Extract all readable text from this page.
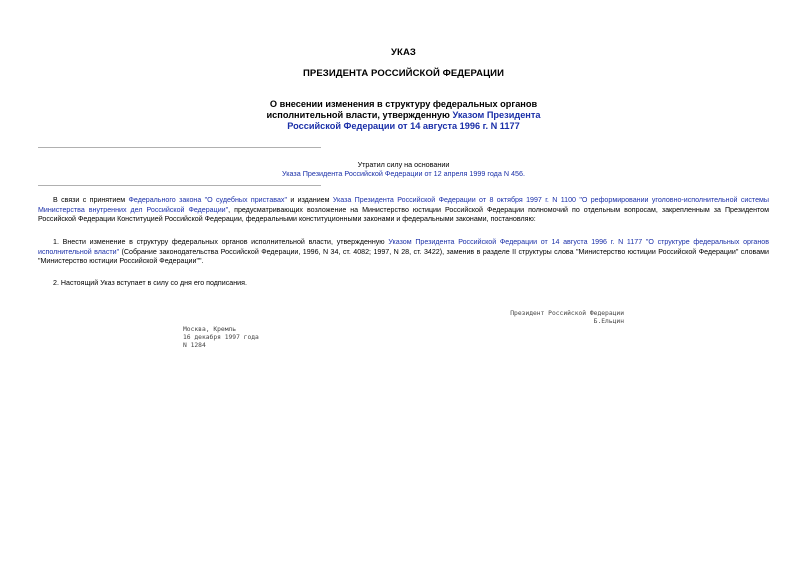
УКАЗ
ПРЕЗИДЕНТА РОССИЙСКОЙ ФЕДЕРАЦИИ
О внесении изменения в структуру федеральных органов
исполнительной власти, утвержденную Указом Президента
Российской Федерации от 14 августа 1996 г. N 1177
Утратил силу на основании
Указа Президента Российской Федерации от 12 апреля 1999 года N 456.
В связи с принятием Федерального закона "О судебных приставах" и изданием Указа Президента Российской Федерации от 8 октября 1997 г. N 1100 "О реформировании уголовно-исполнительной системы Министерства внутренних дел Российской Федерации", предусматривающих возложение на Министерство юстиции Российской Федерации полномочий по отдельным вопросам, закрепленным за Президентом Российской Федерации Конституцией Российской Федерации, федеральными конституционными законами и федеральными законами, постановляю:
1. Внести изменение в структуру федеральных органов исполнительной власти, утвержденную Указом Президента Российской Федерации от 14 августа 1996 г. N 1177 "О структуре федеральных органов исполнительной власти" (Собрание законодательства Российской Федерации, 1996, N 34, ст. 4082; 1997, N 28, ст. 3422), заменив в разделе II структуры слова "Министерство юстиции Российской Федерации" словами "Министерство юстиции Российской Федерации"".
2. Настоящий Указ вступает в силу со дня его подписания.
Президент Российской Федерации
Б.Ельцин
Москва, Кремль
16 декабря 1997 года
N 1284
